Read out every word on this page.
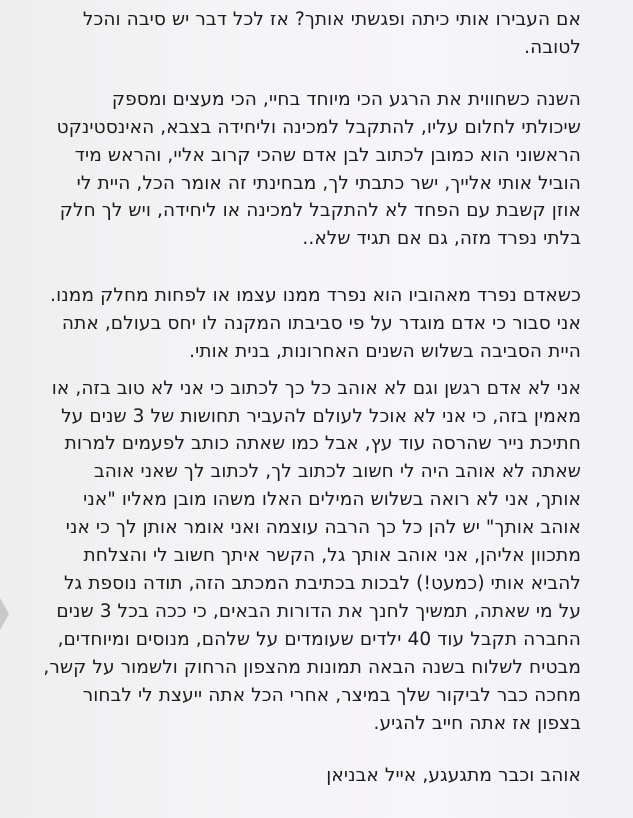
אם העבירו אותי כיתה ופגשתי אותך? אז לכל דבר יש סיבה והכל
לטובה.
השנה כשחווית את הרגע הכי מיוחד בחיי, הכי מעצים ומספק
שיכולתי לחלום עליו, להתקבל למכינה וליחידה בצבא, האינסטינקט
הראשוני הוא כמובן לכתוב לבן אדם שהכי קרוב אליי, והראש מיד
הוביל אותי אלייך, ישר כתבתי לך, מבחינתי זה אומר הכל, היית לי
אוזן קשבת עם הפחד לא להתקבל למכינה או ליחידה, ויש לך חלק
בלתי נפרד מזה, גם אם תגיד שלא..
כשאדם נפרד מאהוביו הוא נפרד ממנו עצמו או לפחות מחלק ממנו.
אני סבור כי אדם מוגדר על פי סביבתו המקנה לו יחס בעולם, אתה
היית הסביבה בשלוש השנים האחרונות, בנית אותי.
אני לא אדם רגשן וגם לא אוהב כל כך לכתוב כי אני לא טוב בזה, או
מאמין בזה, כי אני לא אוכל לעולם להעביר תחושות של 3 שנים על
חתיכת נייר שהרסה עוד עץ, אבל כמו שאתה כותב לפעמים למרות
שאתה לא אוהב היה לי חשוב לכתוב לך, לכתוב לך שאני אוהב
אותך, אני לא רואה בשלוש המילים האלו משהו מובן מאליו "אני
אוהב אותך" יש להן כל כך הרבה עוצמה ואני אומר אותן לך כי אני
מתכוון אליהן, אני אוהב אותך גל, הקשר איתך חשוב לי והצלחת
להביא אותי (כמעט!) לבכות בכתיבת המכתב הזה, תודה נוספת גל
על מי שאתה, תמשיך לחנך את הדורות הבאים, כי ככה בכל 3 שנים
החברה תקבל עוד 40 ילדים שעומדים על שלהם, מנוסים ומיוחדים,
מבטיח לשלוח בשנה הבאה תמונות מהצפון הרחוק ולשמור על קשר,
מחכה כבר לביקור שלך במיצר, אחרי הכל אתה ייעצת לי לבחור
בצפון אז אתה חייב להגיע.
אוהב וכבר מתגעגע, אייל אבניאן
